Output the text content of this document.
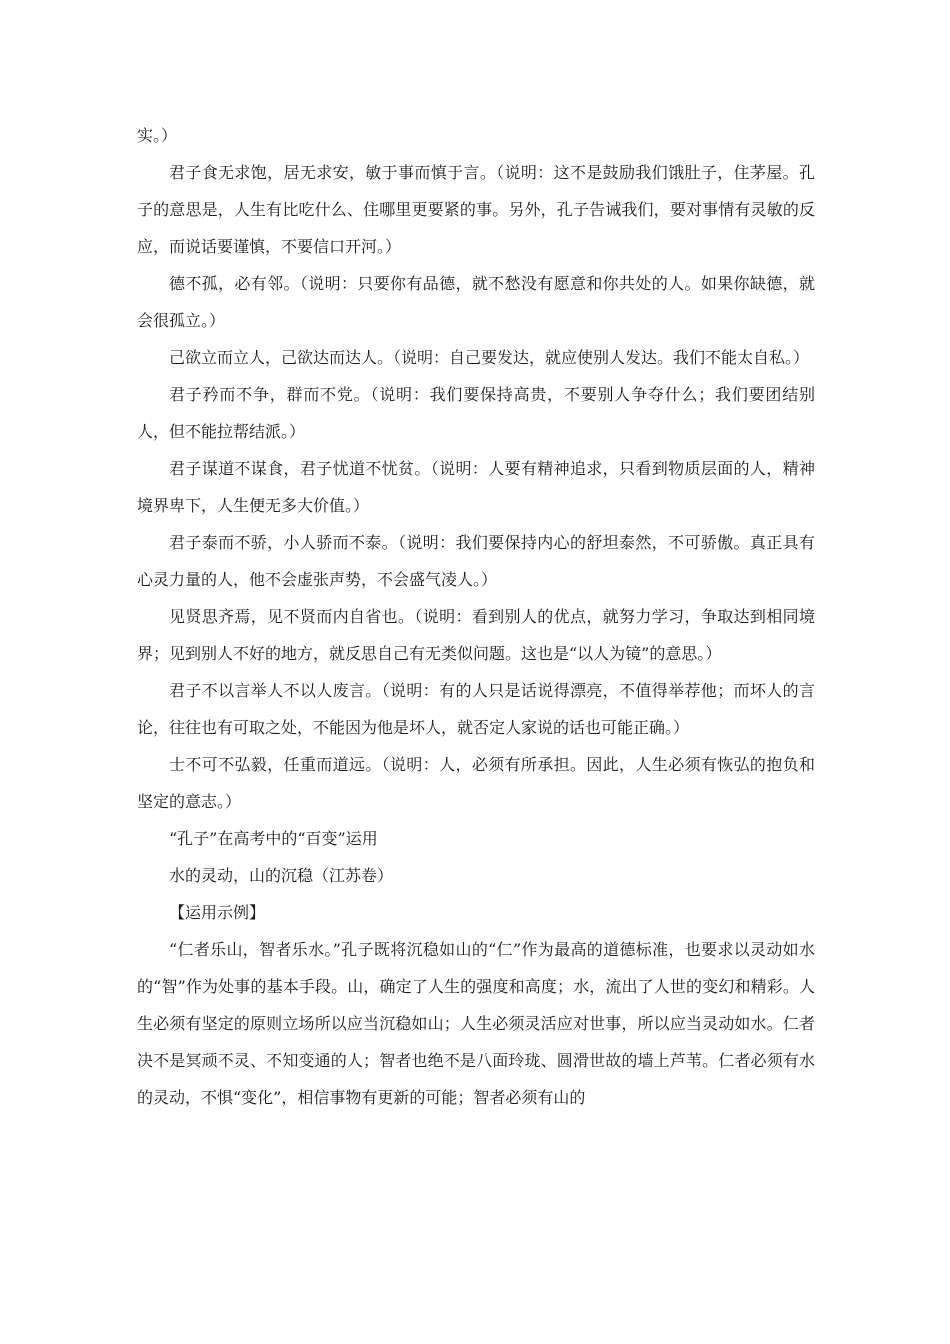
实。）

君子食无求饱，居无求安，敏于事而慎于言。（说明：这不是鼓励我们饿肚子，住茅屋。孔子的意思是，人生有比吃什么、住哪里更要紧的事。另外，孔子告诫我们，要对事情有灵敏的反应，而说话要谨慎，不要信口开河。）

德不孤，必有邻。（说明：只要你有品德，就不愁没有愿意和你共处的人。如果你缺德，就会很孤立。）

己欲立而立人，己欲达而达人。（说明：自己要发达，就应使别人发达。我们不能太自私。）

君子矜而不争，群而不党。（说明：我们要保持高贵，不要别人争夺什么；我们要团结别人，但不能拉帮结派。）

君子谋道不谋食，君子忧道不忧贫。（说明：人要有精神追求，只看到物质层面的人，精神境界卑下，人生便无多大价值。）

君子泰而不骄，小人骄而不泰。（说明：我们要保持内心的舒坦泰然，不可骄傲。真正具有心灵力量的人，他不会虚张声势，不会盛气凌人。）

见贤思齐焉，见不贤而内自省也。（说明：看到别人的优点，就努力学习，争取达到相同境界；见到别人不好的地方，就反思自己有无类似问题。这也是“以人为镜”的意思。）

君子不以言举人不以人废言。（说明：有的人只是话说得漂亮，不值得举荐他；而坏人的言论，往往也有可取之处，不能因为他是坏人，就否定人家说的话也可能正确。）

士不可不弘毅，任重而道远。（说明：人，必须有所承担。因此，人生必须有恢弘的抱负和坚定的意志。）

“孔子”在高考中的“百变”运用

水的灵动，山的沉稳（江苏卷）

【运用示例】

“仁者乐山，智者乐水。”孔子既将沉稳如山的“仁”作为最高的道德标准，也要求以灵动如水的“智”作为处事的基本手段。山，确定了人生的强度和高度；水，流出了人世的变幻和精彩。人生必须有坚定的原则立场所以应当沉稳如山；人生必须灵活应对世事，所以应当灵动如水。仁者决不是冥顽不灵、不知变通的人；智者也绝不是八面玲珑、圆滑世故的墙上芦苇。仁者必须有水的灵动，不惧“变化”，相信事物有更新的可能；智者必须有山的
